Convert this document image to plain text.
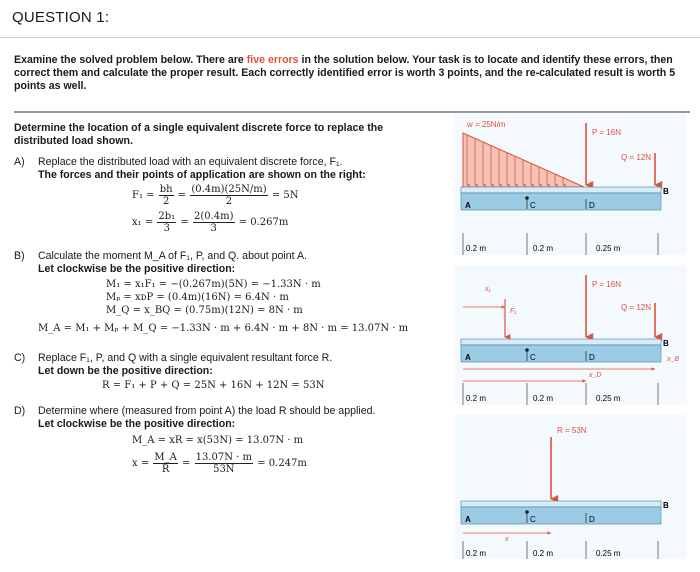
QUESTION 1:
Examine the solved problem below. There are five errors in the solution below. Your task is to locate and identify these errors, then correct them and calculate the proper result. Each correctly identified error is worth 3 points, and the re-calculated result is worth 5 points as well.
Determine the location of a single equivalent discrete force to replace the distributed load shown.
A) Replace the distributed load with an equivalent discrete force, F₁.
The forces and their points of application are shown on the right:
$F_1 = \frac{bh}{2} = \frac{(0.4m)(25N/m)}{2} = 5N$
$x_1 = \frac{\text{2b₁}}{3} = \frac{2(0.4m)}{3} = 0.267m$
B) Calculate the moment M_A of F₁, P, and Q. about point A.
Let clockwise be the positive direction:
M₁ = x₁F₁ = −(0.267m)(5N) = −1.33N · m
Mₚ = xᴅP = (0.4m)(16N) = 6.4N · m
M_Q = x_BQ = (0.75m)(12N) = 8N · m
M_A = M₁ + Mₚ + M_Q = −1.33N · m + 6.4N · m + 8N · m = 13.07N · m
C) Replace F₁, P, and Q with a single equivalent resultant force R.
Let down be the positive direction:
R = F₁ + P + Q = 25N + 16N + 12N = 53N
D) Determine where (measured from point A) the load R should be applied.
Let clockwise be the positive direction:
M_A = xR = x(53N) = 13.07N · m
$x = \frac{M\_A}{R} = \frac{13.07N \cdot m}{53N} = 0.247m$
w = 25N/m
P = 16N
Q = 12N
A	C	D
B
0.2 m	0.2 m	0.25 m
x₁
F₁
P = 16N
Q = 12N
A	C	D
B
x_D
x_B
0.2 m	0.2 m	0.25 m
R = 53N
A	C	D
B
x
0.2 m	0.2 m	0.25 m
